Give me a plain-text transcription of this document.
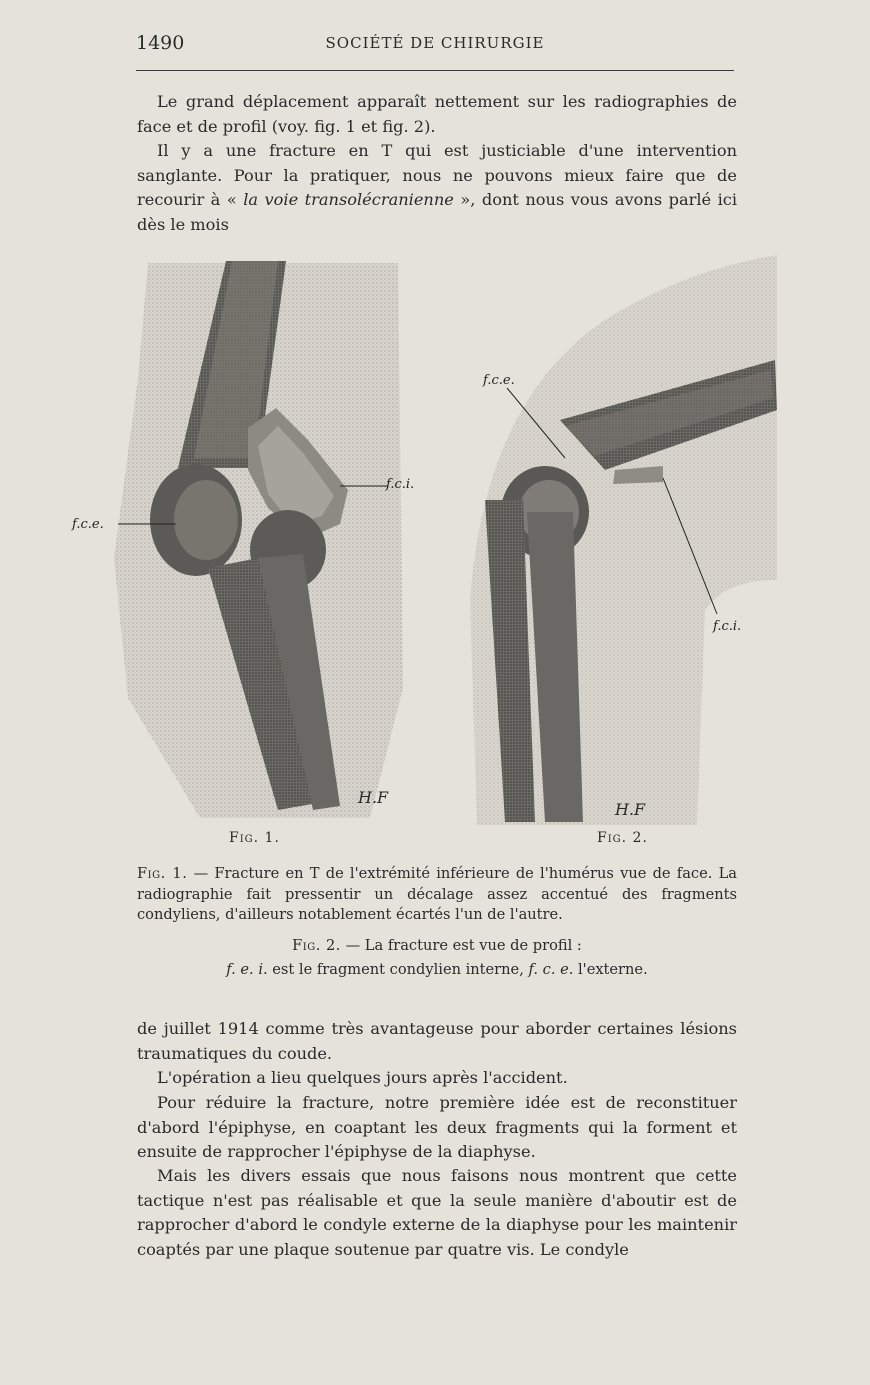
1490	SOCIÉTÉ DE CHIRURGIE

Le grand déplacement apparaît nettement sur les radiographies de face et de profil (voy. fig. 1 et fig. 2).

Il y a une fracture en T qui est justiciable d'une intervention sanglante. Pour la pratiquer, nous ne pouvons mieux faire que de recourir à « la voie transolécranienne », dont nous vous avons parlé ici dès le mois

f.c.e.
f.c.i.
H.F
f.c.e.
f.c.i.
H.F
Fig. 1.	Fig. 2.

Fig. 1. — Fracture en T de l'extrémité inférieure de l'humérus vue de face. La radiographie fait pressentir un décalage assez accentué des fragments condyliens, d'ailleurs notablement écartés l'un de l'autre.

Fig. 2. — La fracture est vue de profil :

f. e. i. est le fragment condylien interne, f. c. e. l'externe.

de juillet 1914 comme très avantageuse pour aborder certaines lésions traumatiques du coude.

L'opération a lieu quelques jours après l'accident.

Pour réduire la fracture, notre première idée est de reconstituer d'abord l'épiphyse, en coaptant les deux fragments qui la forment et ensuite de rapprocher l'épiphyse de la diaphyse.

Mais les divers essais que nous faisons nous montrent que cette tactique n'est pas réalisable et que la seule manière d'aboutir est de rapprocher d'abord le condyle externe de la diaphyse pour les maintenir coaptés par une plaque soutenue par quatre vis. Le condyle
